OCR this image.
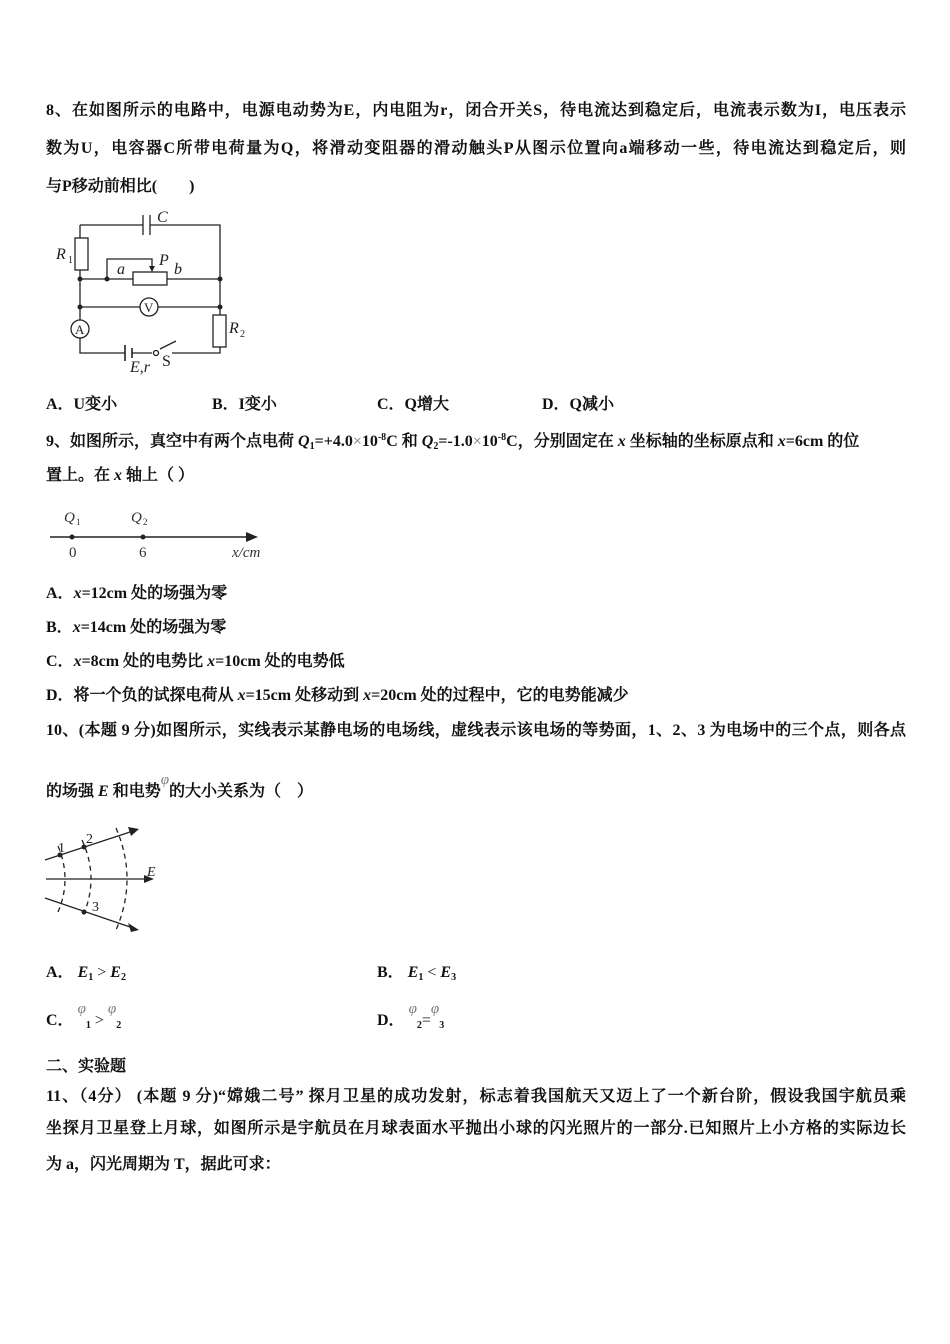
8、在如图所示的电路中，电源电动势为E，内电阻为r，闭合开关S，待电流达到稳定后，电流表示数为I，电压表示
数为U，电容器C所带电荷量为Q，将滑动变阻器的滑动触头P从图示位置向a端移动一些，待电流达到稳定后，则
与P移动前相比(　　)
C
R 1
a
P
b
V
A	R 2
E,r S
A．U变小	B．I变小	C．Q增大	D．Q减小
9、如图所示，真空中有两个点电荷 $Q_1=+4.0\times 10^{-8}C$ 和 $Q_2=-1.0\times 10^{-8}C$，分别固定在 x 坐标轴的坐标原点和 x=6cm 的位
置上。在 x 轴上（ ）
Q 1	Q 2
0	6	x/cm
A．x=12cm 处的场强为零
B．x=14cm 处的场强为零
C．x=8cm 处的电势比 x=10cm 处的电势低
D．将一个负的试探电荷从 x=15cm 处移动到 x=20cm 处的过程中，它的电势能减少
10、(本题 9 分)如图所示，实线表示某静电场的电场线，虚线表示该电场的等势面，1、2、3 为电场中的三个点，则各点
的场强 E 和电势φ的大小关系为（　）
1
2
3
E
A． $E_1 > E_2$	B． $E_1 < E_3$
C． $\varphi_1 > \varphi_2$	D． $\varphi_2=\varphi_3$
二、实验题
11、（4分） (本题 9 分)“嫦娥二号” 探月卫星的成功发射，标志着我国航天又迈上了一个新台阶，假设我国宇航员乘
坐探月卫星登上月球，如图所示是宇航员在月球表面水平抛出小球的闪光照片的一部分.已知照片上小方格的实际边长
为 a，闪光周期为 T，据此可求：
